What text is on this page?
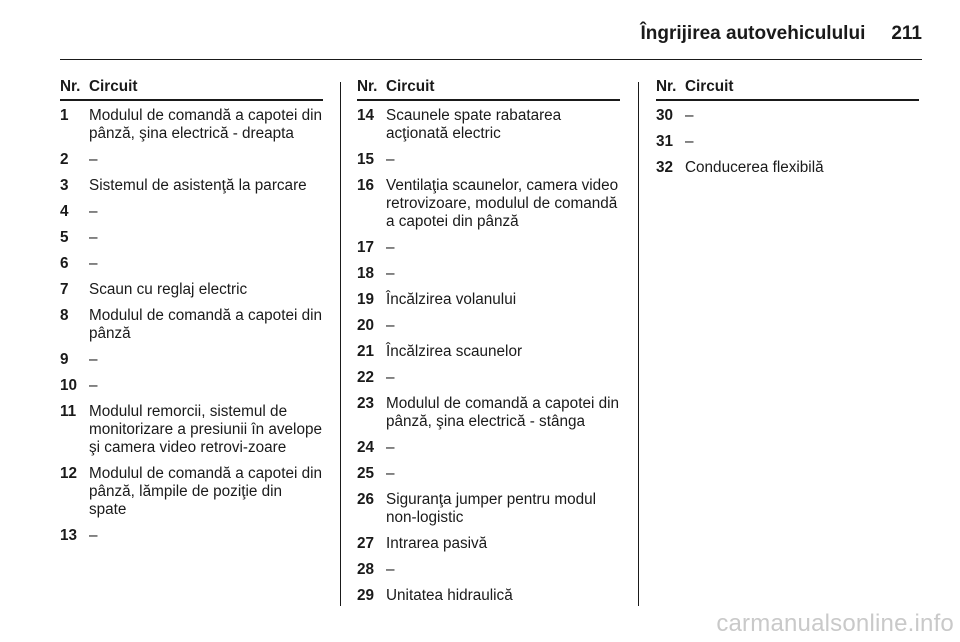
Îngrijirea autovehiculului 211
Nr. Circuit
1	Modulul de comandă a capotei din pânză, şina electrică - dreapta
2	–
3	Sistemul de asistenţă la parcare
4	–
5	–
6	–
7	Scaun cu reglaj electric
8	Modulul de comandă a capotei din pânză
9	–
10 –
11 Modulul remorcii, sistemul de monitorizare a presiunii în avelope şi camera video retrovi-zoare
12 Modulul de comandă a capotei din pânză, lămpile de poziţie din spate
13 –
Nr. Circuit
14 Scaunele spate rabatarea acţionată electric
15 –
16 Ventilaţia scaunelor, camera video retrovizoare, modulul de comandă a capotei din pânză
17 –
18 –
19 Încălzirea volanului
20 –
21 Încălzirea scaunelor
22 –
23 Modulul de comandă a capotei din pânză, şina electrică - stânga
24 –
25 –
26 Siguranţa jumper pentru modul non-logistic
27 Intrarea pasivă
28 –
29 Unitatea hidraulică
Nr. Circuit
30 –
31 –
32 Conducerea flexibilă
carmanualsonline.info
